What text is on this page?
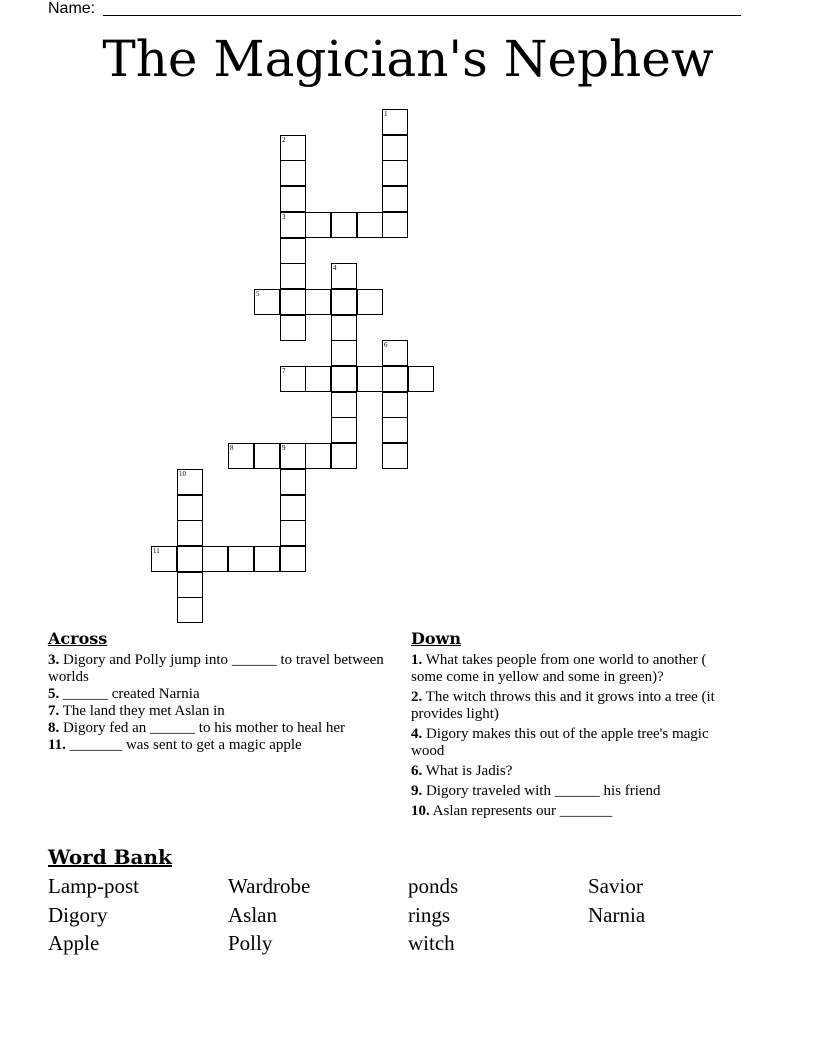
Name:
The Magician's Nephew
1
2
3
4
5
6
7
8	9
10
11
Across
3. Digory and Polly jump into ______ to travel between worlds
5. ______ created Narnia
7. The land they met Aslan in
8. Digory fed an ______ to his mother to heal her
11. _______ was sent to get a magic apple
Down
1. What takes people from one world to another ( some come in yellow and some in green)?
2. The witch throws this and it grows into a tree (it provides light)
4. Digory makes this out of the apple tree's magic wood
6. What is Jadis?
9. Digory traveled with ______ his friend
10. Aslan represents our _______
Word Bank
Lamp-post
Digory
Apple
Wardrobe
Aslan
Polly
ponds
rings
witch
Savior
Narnia
